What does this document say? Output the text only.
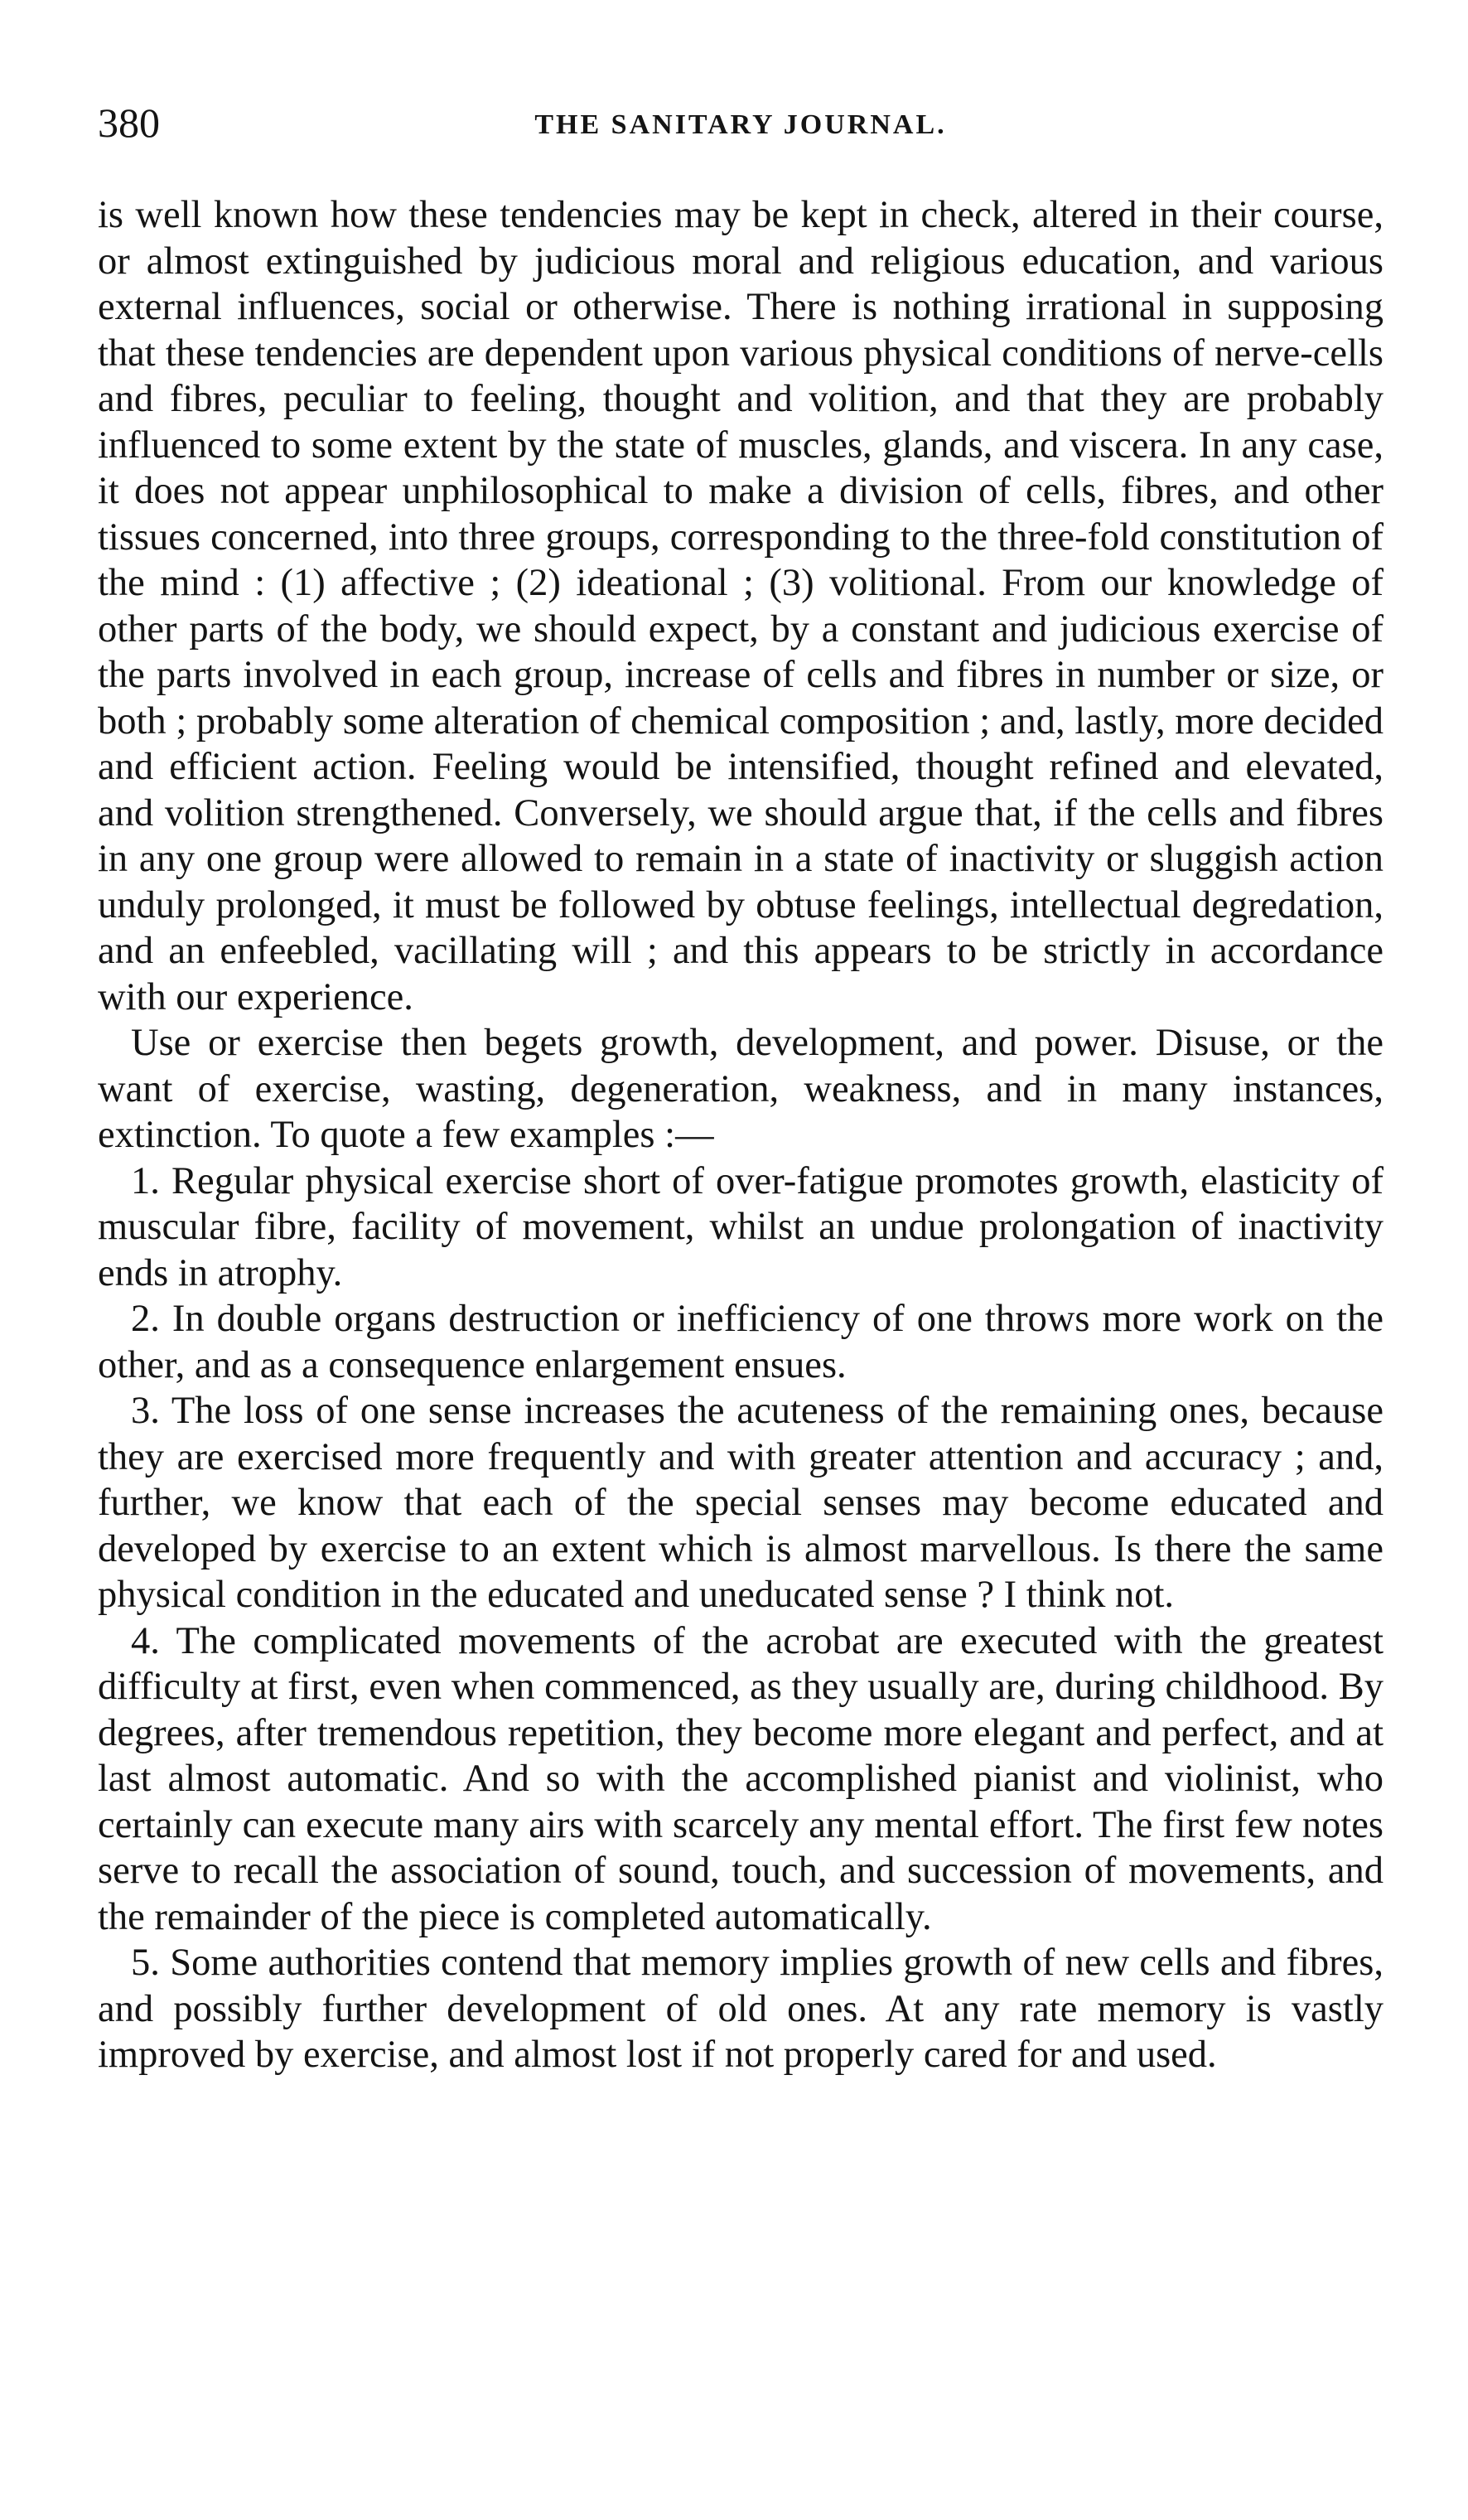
380	THE SANITARY JOURNAL.

is well known how these tendencies may be kept in check, altered in their course, or almost extinguished by judicious moral and religious education, and various external influences, social or otherwise. There is nothing irrational in supposing that these tendencies are dependent upon various physical conditions of nerve-cells and fibres, peculiar to feeling, thought and volition, and that they are probably influenced to some extent by the state of muscles, glands, and viscera. In any case, it does not appear unphilosophical to make a division of cells, fibres, and other tissues concerned, into three groups, corresponding to the three-fold constitution of the mind : (1) affective ; (2) ideational ; (3) volitional. From our knowledge of other parts of the body, we should expect, by a constant and judicious exercise of the parts involved in each group, increase of cells and fibres in number or size, or both ; probably some alteration of chemical composition ; and, lastly, more decided and efficient action. Feeling would be intensified, thought refined and elevated, and volition strengthened. Conversely, we should argue that, if the cells and fibres in any one group were allowed to remain in a state of inactivity or sluggish action unduly prolonged, it must be followed by obtuse feelings, intellectual degredation, and an enfeebled, vacillating will ; and this appears to be strictly in accordance with our experience.

Use or exercise then begets growth, development, and power. Disuse, or the want of exercise, wasting, degeneration, weakness, and in many instances, extinction. To quote a few examples :—

1. Regular physical exercise short of over-fatigue promotes growth, elasticity of muscular fibre, facility of movement, whilst an undue prolongation of inactivity ends in atrophy.

2. In double organs destruction or inefficiency of one throws more work on the other, and as a consequence enlargement ensues.

3. The loss of one sense increases the acuteness of the remaining ones, because they are exercised more frequently and with greater attention and accuracy ; and, further, we know that each of the special senses may become educated and developed by exercise to an extent which is almost marvellous. Is there the same physical condition in the educated and uneducated sense ? I think not.

4. The complicated movements of the acrobat are executed with the greatest difficulty at first, even when commenced, as they usually are, during childhood. By degrees, after tremendous repetition, they become more elegant and perfect, and at last almost automatic. And so with the accomplished pianist and violinist, who certainly can execute many airs with scarcely any mental effort. The first few notes serve to recall the association of sound, touch, and succession of movements, and the remainder of the piece is completed automatically.

5. Some authorities contend that memory implies growth of new cells and fibres, and possibly further development of old ones. At any rate memory is vastly improved by exercise, and almost lost if not properly cared for and used.
